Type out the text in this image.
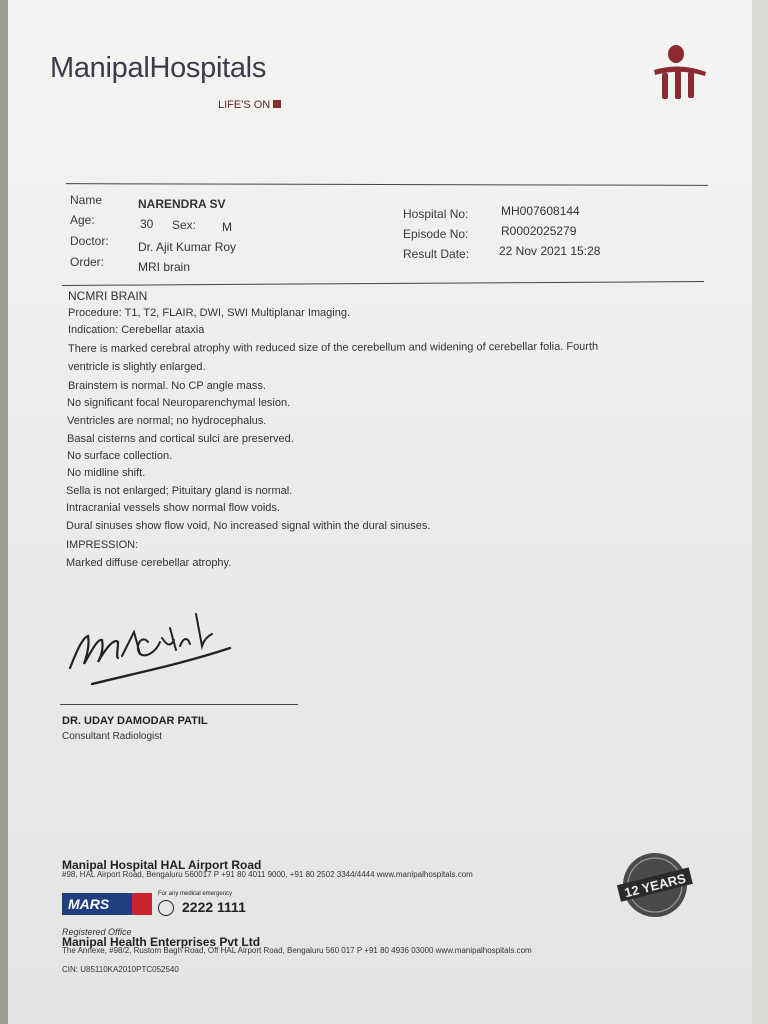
ManipalHospitals
LIFE'S ON
Name	NARENDRA SV
Age:	30 Sex: M
Doctor: Dr. Ajit Kumar Roy
Order:	MRI brain
Hospital No:	MH007608144
Episode No:	R0002025279
Result Date: 22 Nov 2021 15:28
NCMRI BRAIN
Procedure: T1, T2, FLAIR, DWI, SWI Multiplanar Imaging.
Indication: Cerebellar ataxia
There is marked cerebral atrophy with reduced size of the cerebellum and widening of cerebellar folia. Fourth
ventricle is slightly enlarged.
Brainstem is normal. No CP angle mass.
No significant focal Neuroparenchymal lesion.
Ventricles are normal; no hydrocephalus.
Basal cisterns and cortical sulci are preserved.
No surface collection.
No midline shift.
Sella is not enlarged; Pituitary gland is normal.
Intracranial vessels show normal flow voids.
Dural sinuses show flow void, No increased signal within the dural sinuses.
IMPRESSION:
Marked diffuse cerebellar atrophy.
DR. UDAY DAMODAR PATIL
Consultant Radiologist
Manipal Hospital HAL Airport Road
#98, HAL Airport Road, Bengaluru 560017 P +91 80 4011 9000, +91 80 2502 3344/4444 www.manipalhospitals.com
MARS
For any medical emergency
2222 1111
Registered Office
Manipal Health Enterprises Pvt Ltd
The Annexe, #98/2, Rustom Bagh Road, Off HAL Airport Road, Bengaluru 560 017 P +91 80 4936 03000 www.manipalhospitals.com
CIN: U85110KA2010PTC052540
12 YEARS
